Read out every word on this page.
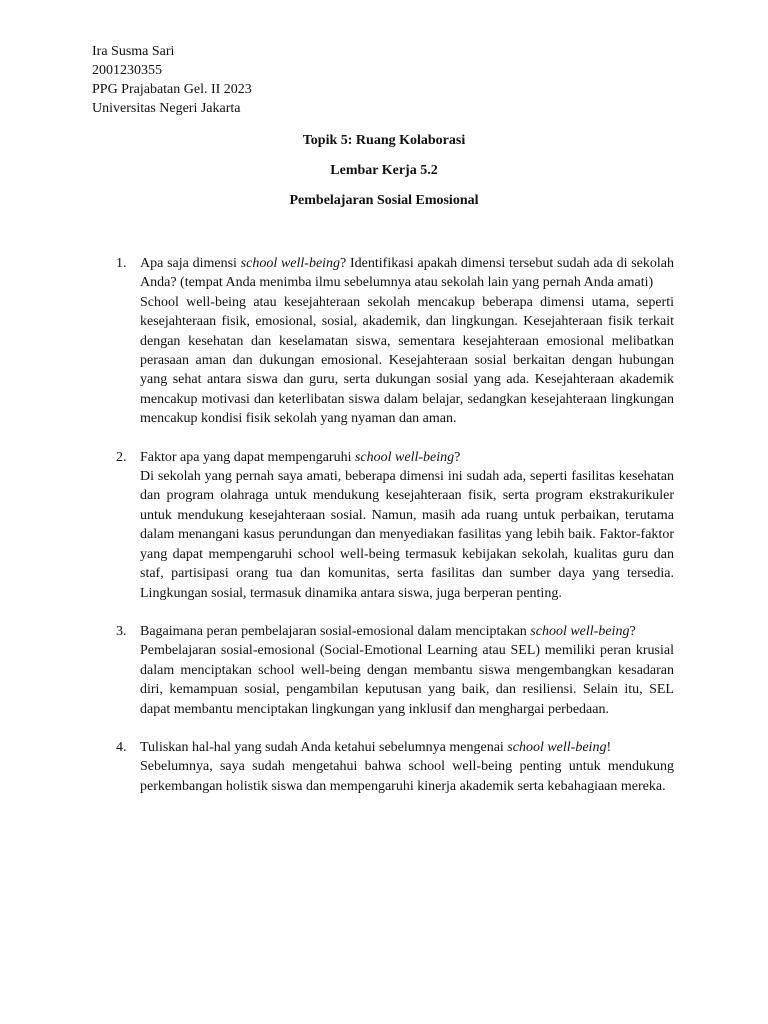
Ira Susma Sari
2001230355
PPG Prajabatan Gel. II 2023
Universitas Negeri Jakarta
Topik 5: Ruang Kolaborasi
Lembar Kerja 5.2
Pembelajaran Sosial Emosional
1. Apa saja dimensi school well-being? Identifikasi apakah dimensi tersebut sudah ada di sekolah Anda? (tempat Anda menimba ilmu sebelumnya atau sekolah lain yang pernah Anda amati)

School well-being atau kesejahteraan sekolah mencakup beberapa dimensi utama, seperti kesejahteraan fisik, emosional, sosial, akademik, dan lingkungan. Kesejahteraan fisik terkait dengan kesehatan dan keselamatan siswa, sementara kesejahteraan emosional melibatkan perasaan aman dan dukungan emosional. Kesejahteraan sosial berkaitan dengan hubungan yang sehat antara siswa dan guru, serta dukungan sosial yang ada. Kesejahteraan akademik mencakup motivasi dan keterlibatan siswa dalam belajar, sedangkan kesejahteraan lingkungan mencakup kondisi fisik sekolah yang nyaman dan aman.

2. Faktor apa yang dapat mempengaruhi school well-being?

Di sekolah yang pernah saya amati, beberapa dimensi ini sudah ada, seperti fasilitas kesehatan dan program olahraga untuk mendukung kesejahteraan fisik, serta program ekstrakurikuler untuk mendukung kesejahteraan sosial. Namun, masih ada ruang untuk perbaikan, terutama dalam menangani kasus perundungan dan menyediakan fasilitas yang lebih baik. Faktor-faktor yang dapat mempengaruhi school well-being termasuk kebijakan sekolah, kualitas guru dan staf, partisipasi orang tua dan komunitas, serta fasilitas dan sumber daya yang tersedia. Lingkungan sosial, termasuk dinamika antara siswa, juga berperan penting.

3. Bagaimana peran pembelajaran sosial-emosional dalam menciptakan school well-being?

Pembelajaran sosial-emosional (Social-Emotional Learning atau SEL) memiliki peran krusial dalam menciptakan school well-being dengan membantu siswa mengembangkan kesadaran diri, kemampuan sosial, pengambilan keputusan yang baik, dan resiliensi. Selain itu, SEL dapat membantu menciptakan lingkungan yang inklusif dan menghargai perbedaan.

4. Tuliskan hal-hal yang sudah Anda ketahui sebelumnya mengenai school well-being!

Sebelumnya, saya sudah mengetahui bahwa school well-being penting untuk mendukung perkembangan holistik siswa dan mempengaruhi kinerja akademik serta kebahagiaan mereka.
